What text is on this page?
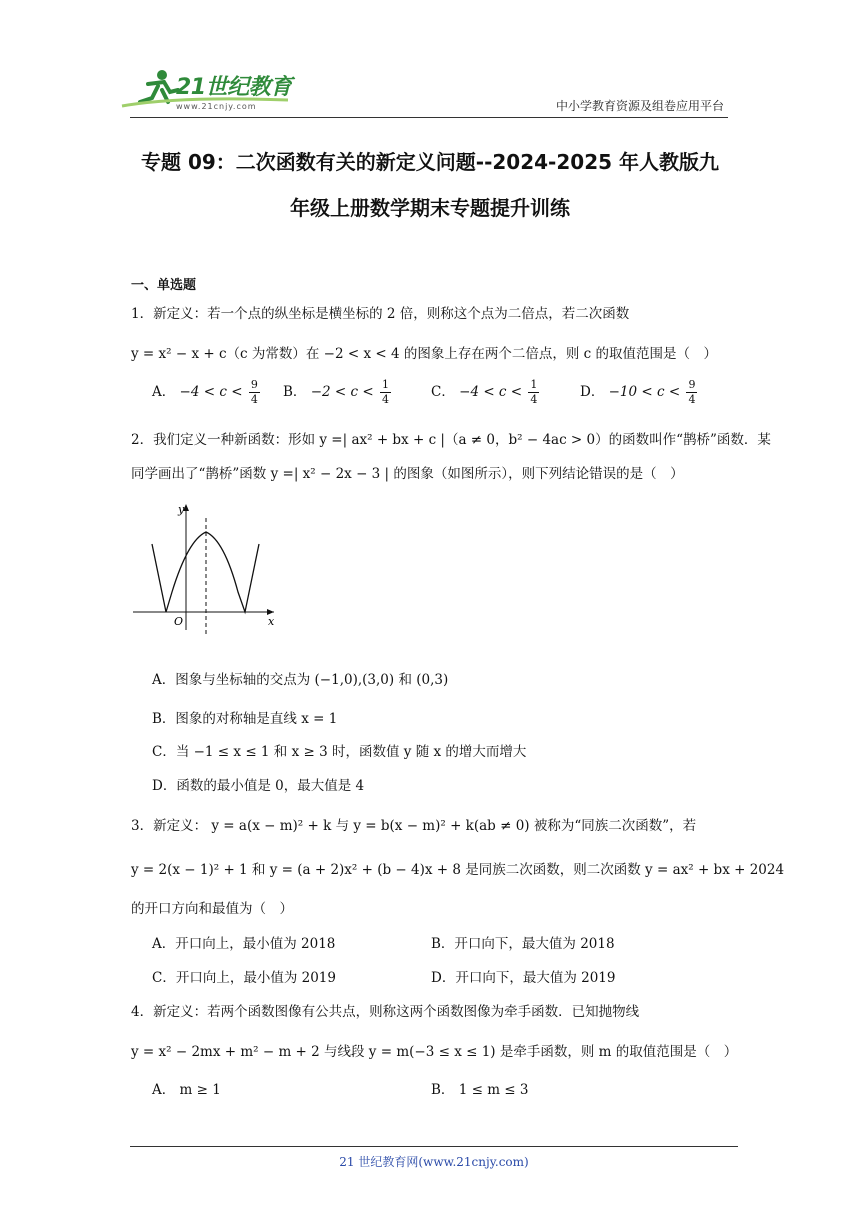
21世纪教育
www.21cnjy.com	中小学教育资源及组卷应用平台
专题 09：二次函数有关的新定义问题--2024-2025 年人教版九
年级上册数学期末专题提升训练
一、单选题
1．新定义：若一个点的纵坐标是横坐标的 2 倍，则称这个点为二倍点，若二次函数
y = x² − x + c（c 为常数）在 −2 < x < 4 的图象上存在两个二倍点，则 c 的取值范围是（　）
A． $-4 < c < \frac{9}{4}$ B． $-2 < c < \frac{1}{4}$	C． $-4 < c < \frac{1}{4}$	D． $-10 < c < \frac{9}{4}$
2．我们定义一种新函数：形如 y =| ax² + bx + c |（a ≠ 0，b² − 4ac > 0）的函数叫作“鹊桥”函数．某
同学画出了“鹊桥”函数 y =| x² − 2x − 3 | 的图象（如图所示），则下列结论错误的是（　）
y
x
O
A．图象与坐标轴的交点为 (−1,0),(3,0) 和 (0,3)
B．图象的对称轴是直线 x = 1
C．当 −1 ≤ x ≤ 1 和 x ≥ 3 时，函数值 y 随 x 的增大而增大
D．函数的最小值是 0，最大值是 4
3．新定义： y = a(x − m)² + k 与 y = b(x − m)² + k(ab ≠ 0) 被称为“同族二次函数”，若
y = 2(x − 1)² + 1 和 y = (a + 2)x² + (b − 4)x + 8 是同族二次函数，则二次函数 y = ax² + bx + 2024
的开口方向和最值为（　）
A．开口向上，最小值为 2018	B．开口向下，最大值为 2018
C．开口向上，最小值为 2019	D．开口向下，最大值为 2019
4．新定义：若两个函数图像有公共点，则称这两个函数图像为牵手函数．已知抛物线
y = x² − 2mx + m² − m + 2 与线段 y = m(−3 ≤ x ≤ 1) 是牵手函数，则 m 的取值范围是（　）
A． m ≥ 1	B． 1 ≤ m ≤ 3
21 世纪教育网(www.21cnjy.com)
